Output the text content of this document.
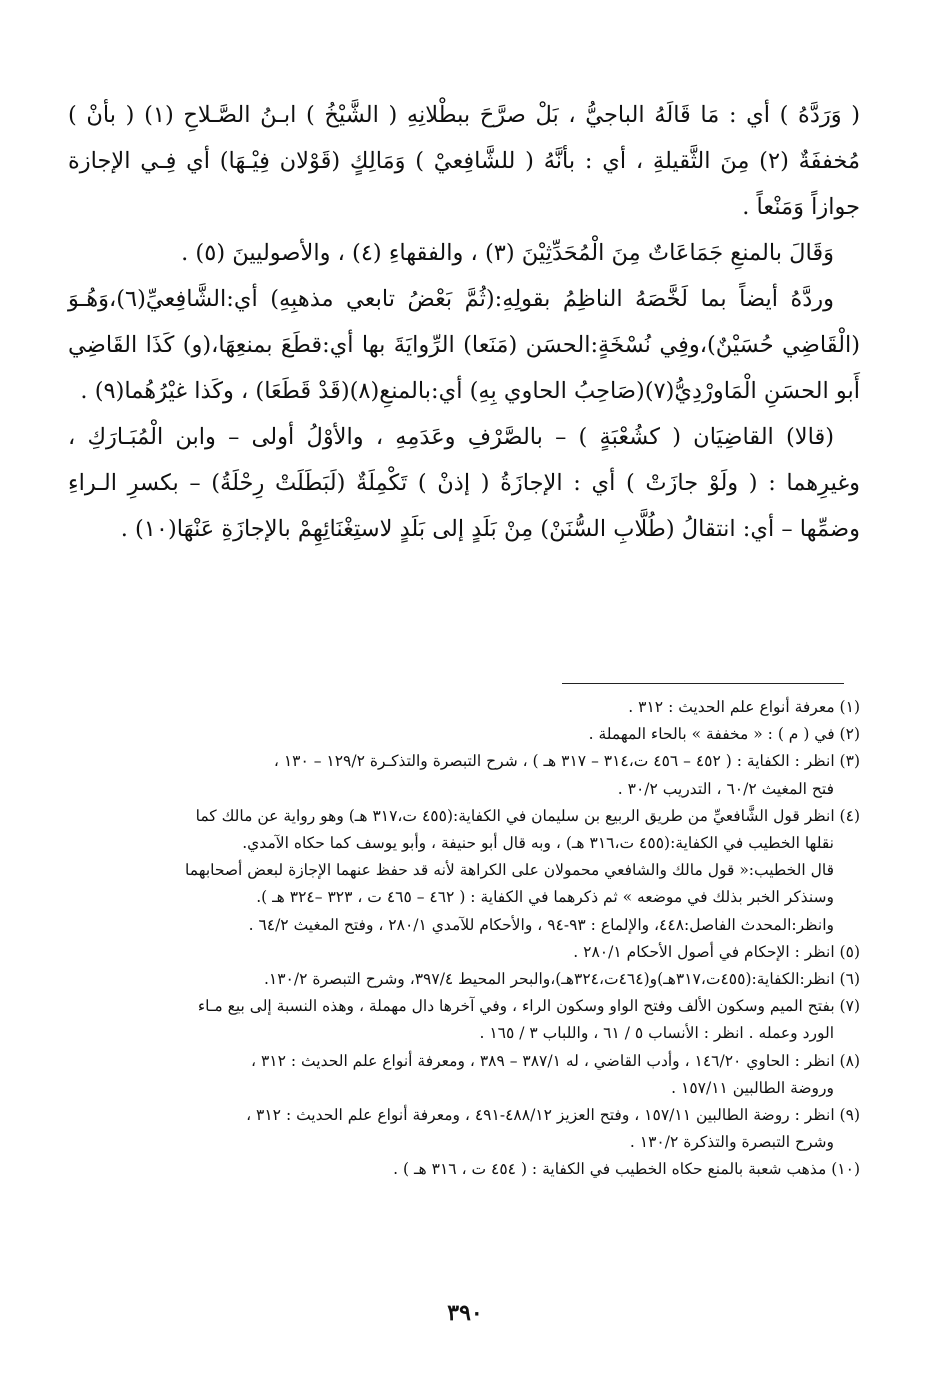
( وَرَدَّهُ ) أي : مَا قَالَهُ الباجيُّ ، بَلْ صرَّحَ ببطْلانِهِ ( الشَّيْخُ ) ابـنُ الصَّـلاحِ (١) ( بأنْ ) مُخففَةٌ (٢) مِنَ الثَّقيلةِ ، أي : بأنَّهُ ( للشَّافِعيْ ) وَمَالِكٍ (قَوْلان فِيْـهَا) أي فِـي الإجازة جوازاً وَمَنْعاً .

وَقَالَ بالمنعِ جَمَاعَاتٌ مِنَ الْمُحَدِّثِيْنَ (٣) ، والفقهاءِ (٤) ، والأصوليينَ (٥) .

وردَّهُ أيضاً بما لَخَّصَهُ الناظِمُ بقولِهِ:(ثُمَّ بَعْضُ تابعي مذهبِهِ) أي:الشَّافِعيِّ(٦)،وَهُـوَ (الْقَاضِي حُسَيْنٌ)،وفِي نُسْخَةٍ:الحسَن (مَنَعا) الرِّوايَةَ بها أي:قطَعَ بمنعِهَا،(و) كَذَا القَاضِي أَبو الحسَنِ الْمَاورْدِيُّ(٧)(صَاحِبُ الحاوي بِهِ) أي:بالمنعِ(٨)(قَدْ قَطَعَا) ، وكَذا غيْرُهُما(٩) .

(قالا) القاضِيَان ( كشُعْبَةٍ ) – بالصَّرْفِ وعَدَمِهِ ، والأوْلُ أولى – وابن الْمُبَـارَكِ ، وغيرِهما : ( ولَوْ جازَتْ ) أي : الإجازَةُ ( إذنْ ) تَكْمِلَةٌ (لَبَطَلَتْ رِحْلَةُ) – بكسرِ الـراءِ وضمِّها – أي: انتقالُ (طُلَّابِ السُّنَنْ) مِنْ بَلَدٍ إلى بَلَدٍ لاستِغْنَائِهِمْ بالإجازَةِ عَنْهَا(١٠) .

(١) معرفة أنواع علم الحديث : ٣١٢ .
(٢) في ( م ) : « مخففة » بالحاء المهملة .
(٣) انظر : الكفاية : ( ٤٥٢ – ٤٥٦ ت،٣١٤ – ٣١٧ هـ ) ، شرح التبصرة والتذكـرة ١٢٩/٢ – ١٣٠ ،
فتح المغيث ٦٠/٢ ، التدريب ٣٠/٢ .
(٤) انظر قول الشَّافعيِّ من طريق الربيع بن سليمان في الكفاية:(٤٥٥ ت،٣١٧ هـ) وهو رواية عن مالك كما
نقلها الخطيب في الكفاية:(٤٥٥ ت،٣١٦ هـ) ، وبه قال أبو حنيفة ، وأبو يوسف كما حكاه الآمدي.
قال الخطيب:« قول مالك والشافعي محمولان على الكراهة لأنه قد حفظ عنهما الإجازة لبعض أصحابهما
وسنذكر الخبر بذلك في موضعه » ثم ذكرهما في الكفاية : ( ٤٦٢ – ٤٦٥ ت ، ٣٢٣ –٣٢٤ هـ ).
وانظر:المحدث الفاصل:٤٤٨، والإلماع : ٩٣-٩٤ ، والأحكام للآمدي ٢٨٠/١ ، وفتح المغيث ٦٤/٢ .
(٥) انظر : الإحكام في أصول الأحكام ٢٨٠/١ .
(٦) انظر:الكفاية:(٤٥٥ت،٣١٧هـ)و(٤٦٤ت،٣٢٤هـ)،والبحر المحيط ٣٩٧/٤، وشرح التبصرة ١٣٠/٢.
(٧) بفتح الميم وسكون الألف وفتح الواو وسكون الراء ، وفي آخرها دال مهملة ، وهذه النسبة إلى بيع مـاء
الورد وعمله . انظر : الأنساب ٥ / ٦١ ، واللباب ٣ / ١٦٥ .
(٨) انظر : الحاوي ١٤٦/٢٠ ، وأدب القاضي ، له ٣٨٧/١ – ٣٨٩ ، ومعرفة أنواع علم الحديث : ٣١٢ ،
وروضة الطالبين ١٥٧/١١ .
(٩) انظر : روضة الطالبين ١٥٧/١١ ، وفتح العزيز ٤٨٨/١٢-٤٩١ ، ومعرفة أنواع علم الحديث : ٣١٢ ،
وشرح التبصرة والتذكرة ١٣٠/٢ .
(١٠) مذهب شعبة بالمنع حكاه الخطيب في الكفاية : ( ٤٥٤ ت ، ٣١٦ هـ ) .
٣٩٠
